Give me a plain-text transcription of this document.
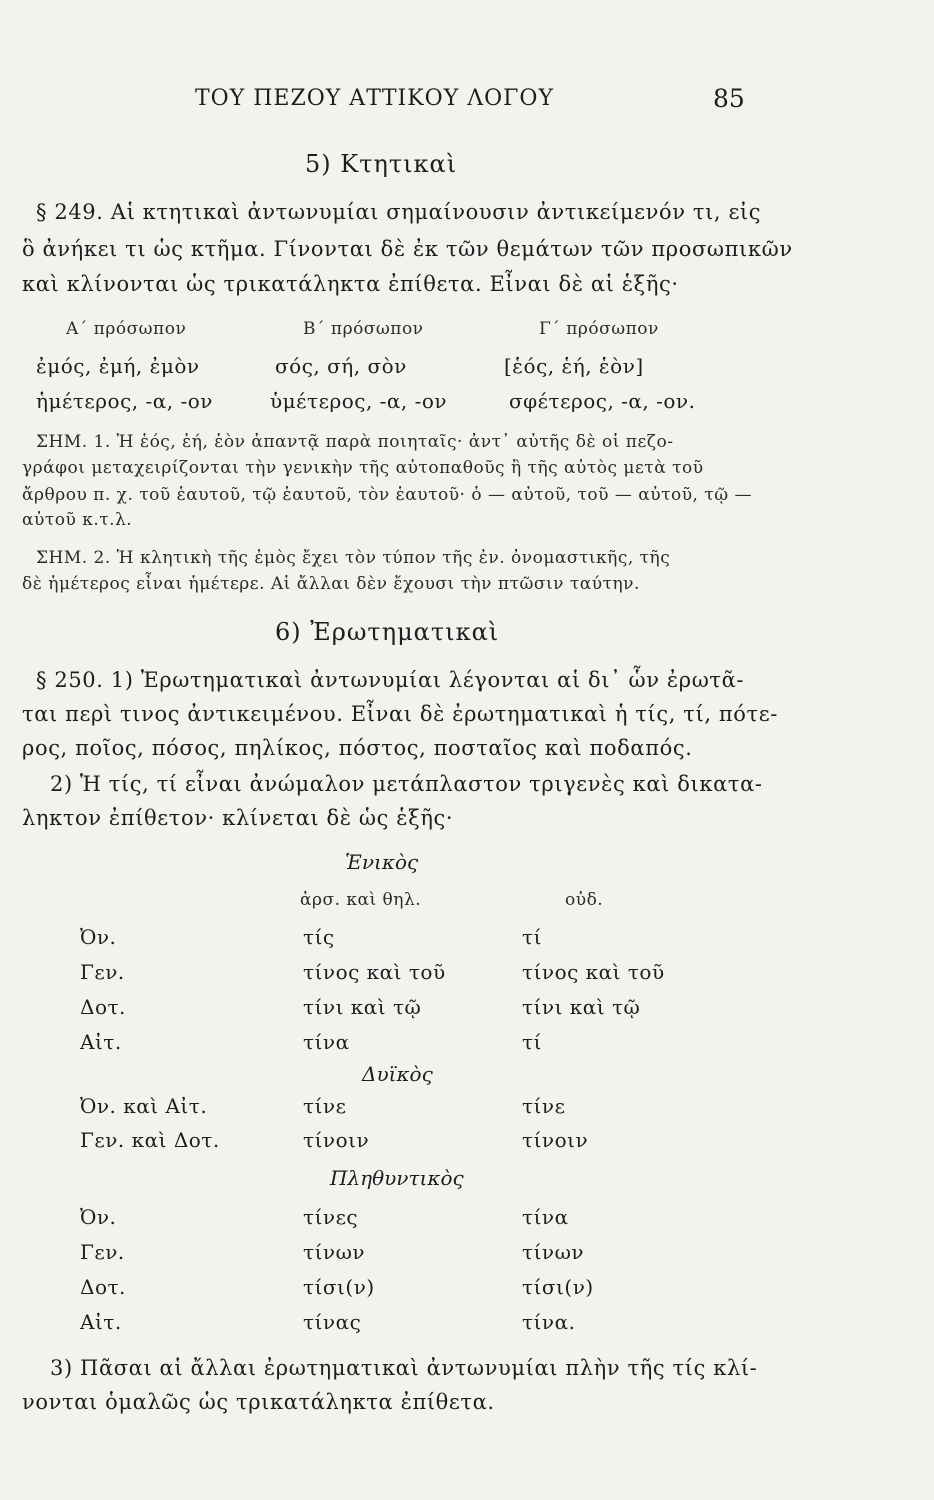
ΤΟΥ ΠΕΖΟΥ ΑΤΤΙΚΟΥ ΛΟΓΟΥ	85
5) Κτητικαὶ
§ 249. Αἱ κτητικαὶ ἀντωνυμίαι σημαίνουσιν ἀντικείμενόν τι, εἰς
ὃ ἀνήκει τι ὡς κτῆμα. Γίνονται δὲ ἐκ τῶν θεμάτων τῶν προσωπικῶν
καὶ κλίνονται ὡς τρικατάληκτα ἐπίθετα. Εἶναι δὲ αἱ ἑξῆς·
Α΄ πρόσωπον	Β΄ πρόσωπον	Γ΄ πρόσωπον
ἐμός, ἐμή, ἐμὸν	σός, σή, σὸν	[ἑός, ἑή, ἑὸν]
ἡμέτερος, -α, -ον	ὑμέτερος, -α, -ον	σφέτερος, -α, -ον.
ΣΗΜ. 1. Ἡ ἑός, ἑή, ἑὸν ἀπαντᾷ παρὰ ποιηταῖς· ἀντ᾽ αὐτῆς δὲ οἱ πεζο-
γράφοι μεταχειρίζονται τὴν γενικὴν τῆς αὐτοπαθοῦς ἢ τῆς αὐτὸς μετὰ τοῦ
ἄρθρου π. χ. τοῦ ἑαυτοῦ, τῷ ἑαυτοῦ, τὸν ἑαυτοῦ· ὁ — αὐτοῦ, τοῦ — αὐτοῦ, τῷ —
αὐτοῦ κ.τ.λ.
ΣΗΜ. 2. Ἡ κλητικὴ τῆς ἐμὸς ἔχει τὸν τύπον τῆς ἐν. ὀνομαστικῆς, τῆς
δὲ ἡμέτερος εἶναι ἡμέτερε. Αἱ ἄλλαι δὲν ἔχουσι τὴν πτῶσιν ταύτην.
6) Ἐρωτηματικαὶ
§ 250. 1) Ἐρωτηματικαὶ ἀντωνυμίαι λέγονται αἱ δι᾽ ὧν ἐρωτᾶ-
ται περὶ τινος ἀντικειμένου. Εἶναι δὲ ἐρωτηματικαὶ ἡ τίς, τί, πότε-
ρος, ποῖος, πόσος, πηλίκος, πόστος, ποσταῖος καὶ ποδαπός.
2) Ἡ τίς, τί εἶναι ἀνώμαλον μετάπλαστον τριγενὲς καὶ δικατα-
ληκτον ἐπίθετον· κλίνεται δὲ ὡς ἑξῆς·
Ἑνικὸς
ἀρσ. καὶ θηλ.	οὐδ.
Ὀν.	τίς	τί
Γεν.	τίνος καὶ τοῦ	τίνος καὶ τοῦ
Δοτ.	τίνι καὶ τῷ	τίνι καὶ τῷ
Αἰτ.	τίνα	τί
Δυϊκὸς
Ὀν. καὶ Αἰτ.	τίνε	τίνε
Γεν. καὶ Δοτ.	τίνοιν	τίνοιν
Πληθυντικὸς
Ὀν.	τίνες	τίνα
Γεν.	τίνων	τίνων
Δοτ.	τίσι(ν)	τίσι(ν)
Αἰτ.	τίνας	τίνα.
3) Πᾶσαι αἱ ἄλλαι ἐρωτηματικαὶ ἀντωνυμίαι πλὴν τῆς τίς κλί-
νονται ὁμαλῶς ὡς τρικατάληκτα ἐπίθετα.
